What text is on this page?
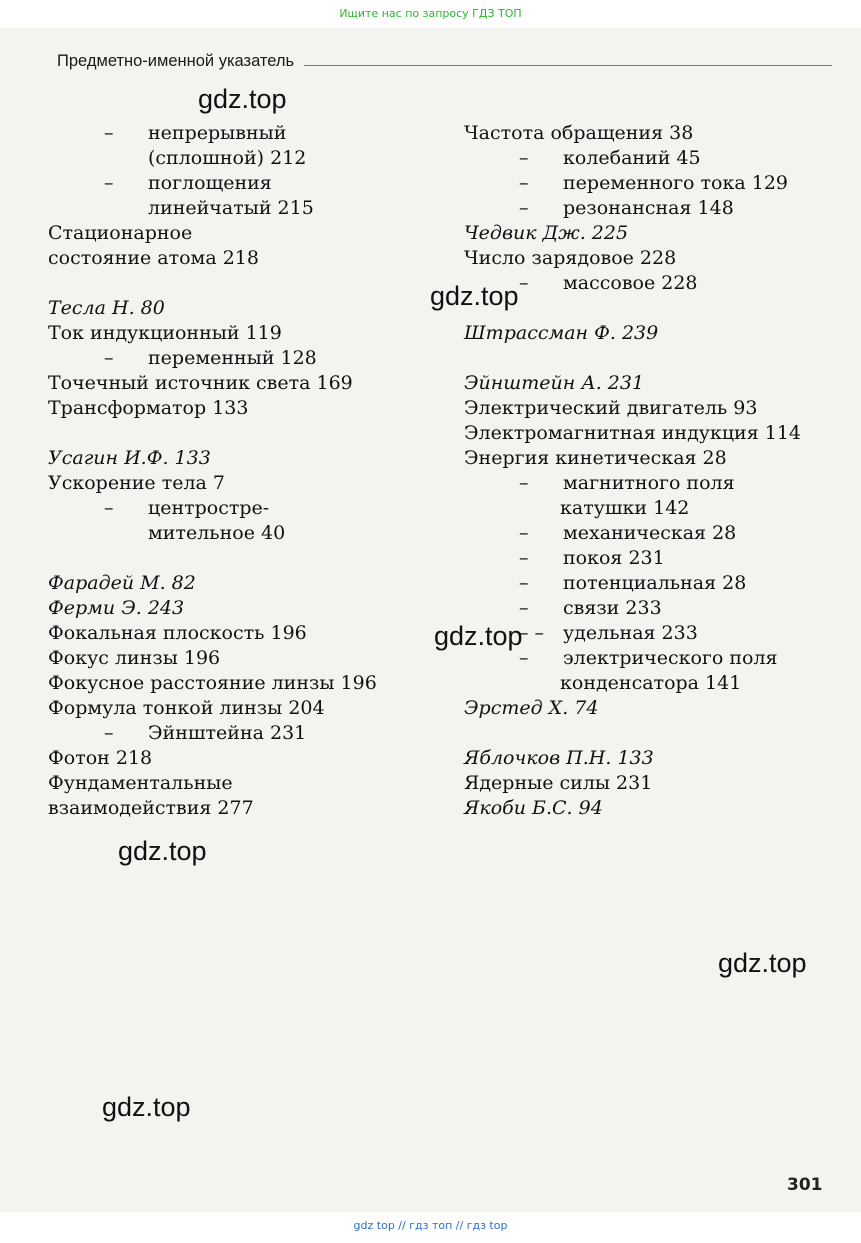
Ищите нас по запросу ГДЗ ТОП
Предметно-именной указатель
– непрерывный
(сплошной) 212
– поглощения
линейчатый 215
Стационарное
состояние атома 218
Тесла Н. 80
Ток индукционный 119
– переменный 128
Точечный источник света 169
Трансформатор 133
Усагин И.Ф. 133
Ускорение тела 7
– центростре-
мительное 40
Фарадей М. 82
Ферми Э. 243
Фокальная плоскость 196
Фокус линзы 196
Фокусное расстояние линзы 196
Формула тонкой линзы 204
– Эйнштейна 231
Фотон 218
Фундаментальные
взаимодействия 277
Частота обращения 38
– колебаний 45
– переменного тока 129
– резонансная 148
Чедвик Дж. 225
Число зарядовое 228
– массовое 228
Штрассман Ф. 239
Эйнштейн А. 231
Электрический двигатель 93
Электромагнитная индукция 114
Энергия кинетическая 28
– магнитного поля
катушки 142
– механическая 28
– покоя 231
– потенциальная 28
– связи 233
– – удельная 233
– электрического поля
конденсатора 141
Эрстед Х. 74
Яблочков П.Н. 133
Ядерные силы 231
Якоби Б.С. 94
gdz.top
gdz.top
gdz.top
gdz.top
gdz.top
gdz.top
301
gdz top // гдз топ // гдз top
